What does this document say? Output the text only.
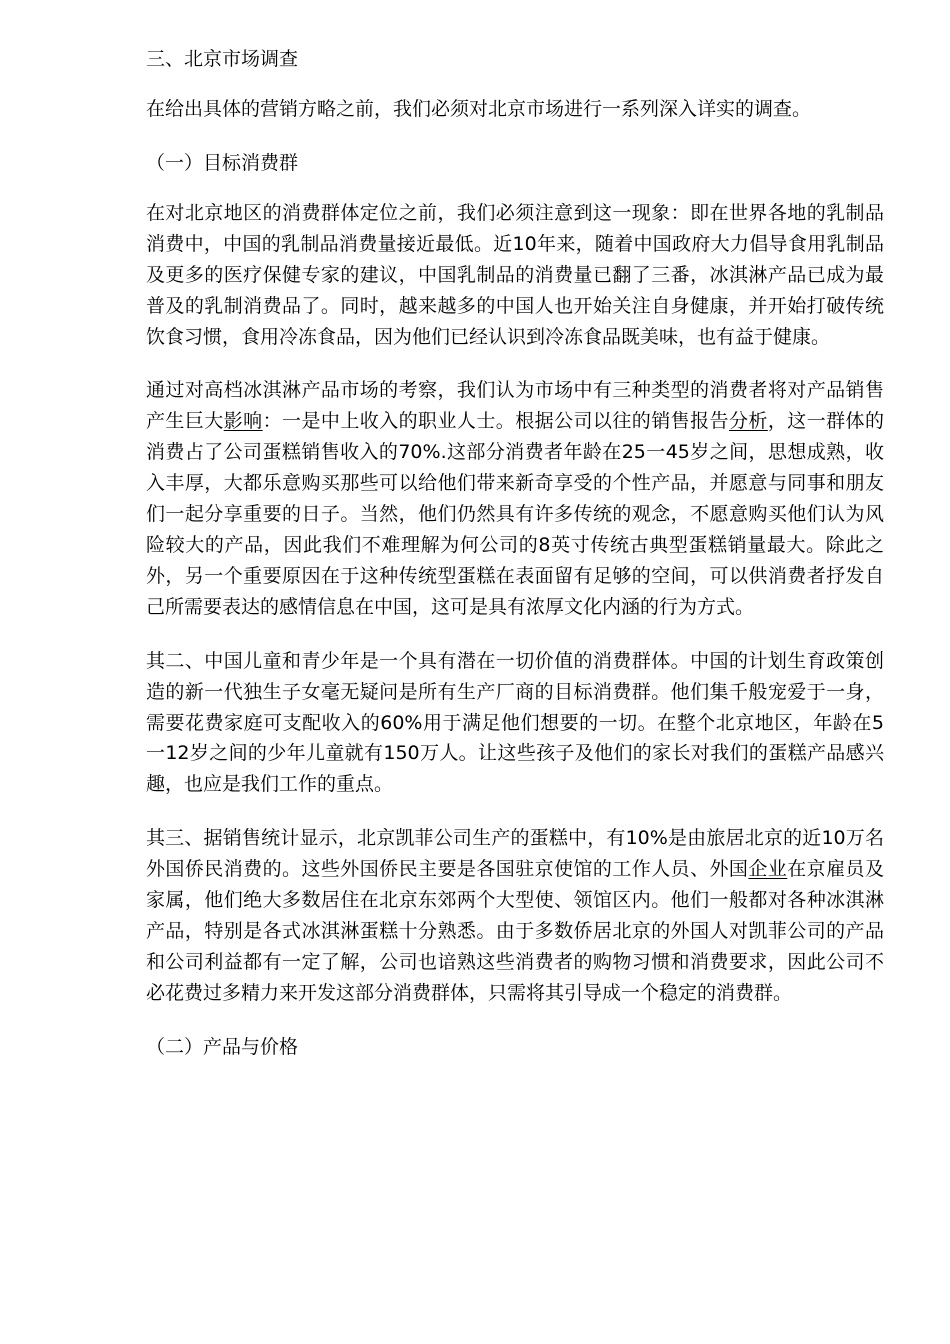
三、北京市场调查

在给出具体的营销方略之前，我们必须对北京市场进行一系列深入详实的调查。

（一）目标消费群

在对北京地区的消费群体定位之前，我们必须注意到这一现象：即在世界各地的乳制品消费中，中国的乳制品消费量接近最低。近10年来，随着中国政府大力倡导食用乳制品及更多的医疗保健专家的建议，中国乳制品的消费量已翻了三番，冰淇淋产品已成为最普及的乳制消费品了。同时，越来越多的中国人也开始关注自身健康，并开始打破传统饮食习惯，食用冷冻食品，因为他们已经认识到冷冻食品既美味，也有益于健康。

通过对高档冰淇淋产品市场的考察，我们认为市场中有三种类型的消费者将对产品销售产生巨大影响：一是中上收入的职业人士。根据公司以往的销售报告分析，这一群体的消费占了公司蛋糕销售收入的70%.这部分消费者年龄在25一45岁之间，思想成熟，收入丰厚，大都乐意购买那些可以给他们带来新奇享受的个性产品，并愿意与同事和朋友们一起分享重要的日子。当然，他们仍然具有许多传统的观念，不愿意购买他们认为风险较大的产品，因此我们不难理解为何公司的8英寸传统古典型蛋糕销量最大。除此之外，另一个重要原因在于这种传统型蛋糕在表面留有足够的空间，可以供消费者抒发自己所需要表达的感情信息在中国，这可是具有浓厚文化内涵的行为方式。

其二、中国儿童和青少年是一个具有潜在一切价值的消费群体。中国的计划生育政策创造的新一代独生子女毫无疑问是所有生产厂商的目标消费群。他们集千般宠爱于一身，需要花费家庭可支配收入的60%用于满足他们想要的一切。在整个北京地区，年龄在5一12岁之间的少年儿童就有150万人。让这些孩子及他们的家长对我们的蛋糕产品感兴趣，也应是我们工作的重点。

其三、据销售统计显示，北京凯菲公司生产的蛋糕中，有10%是由旅居北京的近10万名外国侨民消费的。这些外国侨民主要是各国驻京使馆的工作人员、外国企业在京雇员及家属，他们绝大多数居住在北京东郊两个大型使、领馆区内。他们一般都对各种冰淇淋产品，特别是各式冰淇淋蛋糕十分熟悉。由于多数侨居北京的外国人对凯菲公司的产品和公司利益都有一定了解，公司也谙熟这些消费者的购物习惯和消费要求，因此公司不必花费过多精力来开发这部分消费群体，只需将其引导成一个稳定的消费群。

（二）产品与价格
